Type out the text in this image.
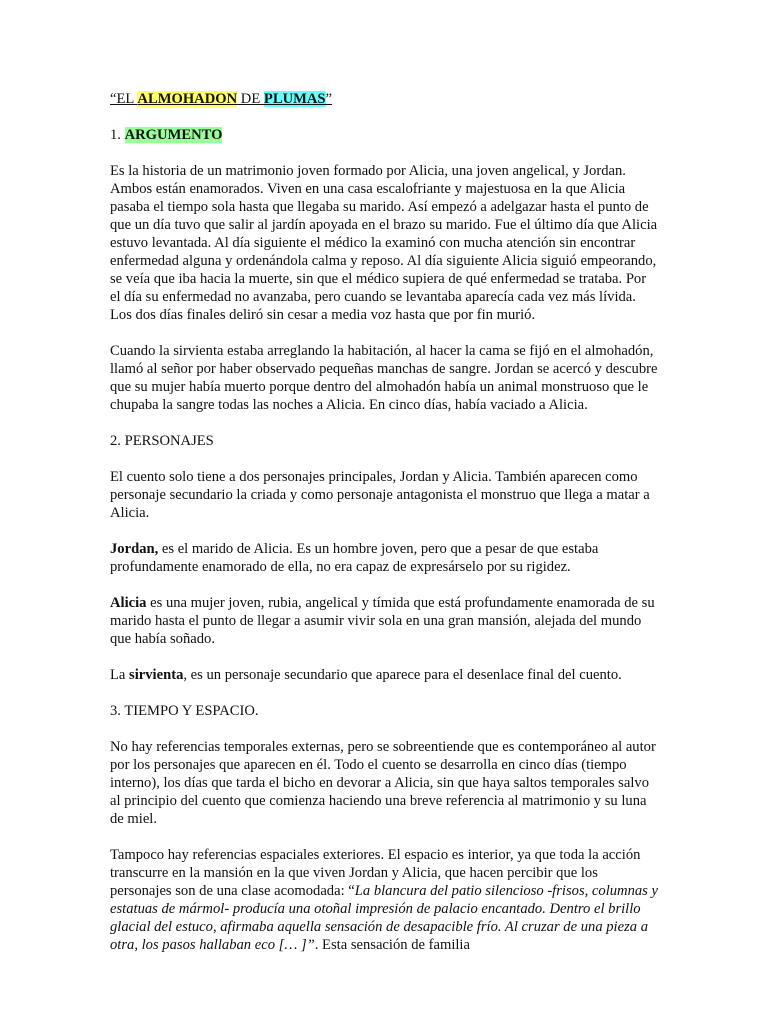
“EL ALMOHADON DE PLUMAS”
1. ARGUMENTO

Es la historia de un matrimonio joven formado por Alicia, una joven angelical, y Jordan. Ambos están enamorados. Viven en una casa escalofriante y majestuosa en la que Alicia pasaba el tiempo sola hasta que llegaba su marido. Así empezó a adelgazar hasta el punto de que un día tuvo que salir al jardín apoyada en el brazo su marido. Fue el último día que Alicia estuvo levantada. Al día siguiente el médico la examinó con mucha atención sin encontrar enfermedad alguna y ordenándola calma y reposo. Al día siguiente Alicia siguió empeorando, se veía que iba hacia la muerte, sin que el médico supiera de qué enfermedad se trataba. Por el día su enfermedad no avanzaba, pero cuando se levantaba aparecía cada vez más lívida. Los dos días finales deliró sin cesar a media voz hasta que por fin murió.

Cuando la sirvienta estaba arreglando la habitación, al hacer la cama se fijó en el almohadón, llamó al señor por haber observado pequeñas manchas de sangre. Jordan se acercó y descubre que su mujer había muerto porque dentro del almohadón había un animal monstruoso que le chupaba la sangre todas las noches a Alicia. En cinco días, había vaciado a Alicia.

2. PERSONAJES

El cuento solo tiene a dos personajes principales, Jordan y Alicia. También aparecen como personaje secundario la criada y como personaje antagonista el monstruo que llega a matar a Alicia.

Jordan, es el marido de Alicia. Es un hombre joven, pero que a pesar de que estaba profundamente enamorado de ella, no era capaz de expresárselo por su rigidez.

Alicia es una mujer joven, rubia, angelical y tímida que está profundamente enamorada de su marido hasta el punto de llegar a asumir vivir sola en una gran mansión, alejada del mundo que había soñado.

La sirvienta, es un personaje secundario que aparece para el desenlace final del cuento.

3. TIEMPO Y ESPACIO.

No hay referencias temporales externas, pero se sobreentiende que es contemporáneo al autor por los personajes que aparecen en él. Todo el cuento se desarrolla en cinco días (tiempo interno), los días que tarda el bicho en devorar a Alicia, sin que haya saltos temporales salvo al principio del cuento que comienza haciendo una breve referencia al matrimonio y su luna de miel.

Tampoco hay referencias espaciales exteriores. El espacio es interior, ya que toda la acción transcurre en la mansión en la que viven Jordan y Alicia, que hacen percibir que los personajes son de una clase acomodada: “La blancura del patio silencioso -frisos, columnas y estatuas de mármol- producía una otoñal impresión de palacio encantado. Dentro el brillo glacial del estuco, afirmaba aquella sensación de desapacible frío. Al cruzar de una pieza a otra, los pasos hallaban eco [… ]”. Esta sensación de familia
